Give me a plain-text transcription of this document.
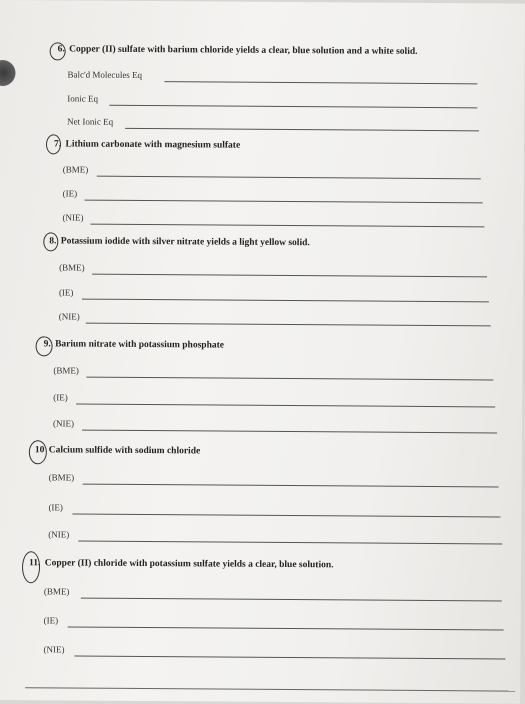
6. Copper (II) sulfate with barium chloride yields a clear, blue solution and a white solid.
Balc'd Molecules Eq
Ionic Eq
Net Ionic Eq
7. Lithium carbonate with magnesium sulfate
(BME)
(IE)
(NIE)
8. Potassium iodide with silver nitrate yields a light yellow solid.
(BME)
(IE)
(NIE)
9. Barium nitrate with potassium phosphate
(BME)
(IE)
(NIE)
10 Calcium sulfide with sodium chloride
(BME)
(IE)
(NIE)
11. Copper (II) chloride with potassium sulfate yields a clear, blue solution.
(BME)
(IE)
(NIE)
